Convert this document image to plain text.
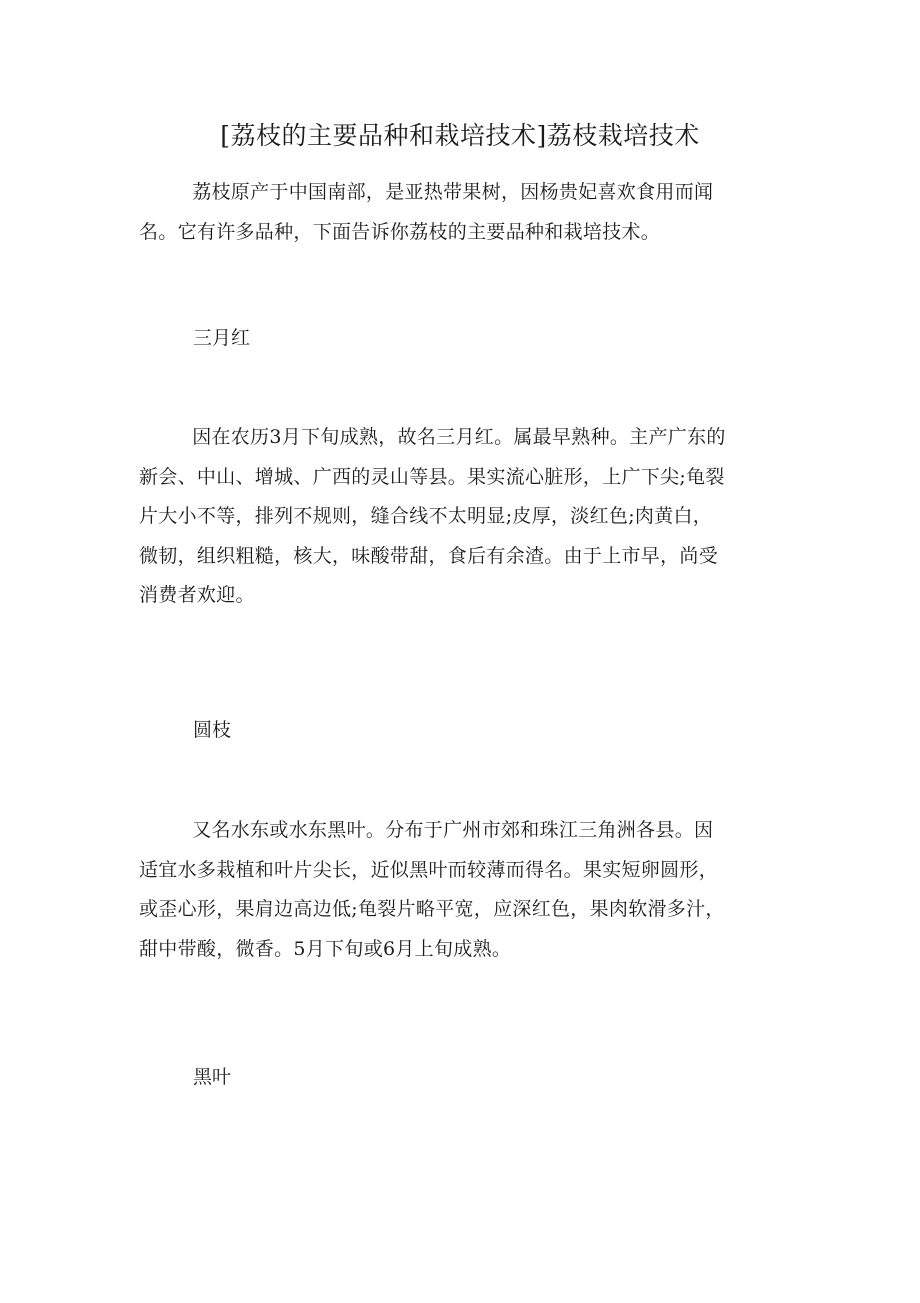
[荔枝的主要品种和栽培技术]荔枝栽培技术

荔枝原产于中国南部，是亚热带果树，因杨贵妃喜欢食用而闻名。它有许多品种，下面告诉你荔枝的主要品种和栽培技术。

三月红

因在农历3月下旬成熟，故名三月红。属最早熟种。主产广东的新会、中山、增城、广西的灵山等县。果实流心脏形，上广下尖;龟裂片大小不等，排列不规则，缝合线不太明显;皮厚，淡红色;肉黄白，微韧，组织粗糙，核大，味酸带甜，食后有余渣。由于上市早，尚受消费者欢迎。

圆枝

又名水东或水东黑叶。分布于广州市郊和珠江三角洲各县。因适宜水多栽植和叶片尖长，近似黑叶而较薄而得名。果实短卵圆形，或歪心形，果肩边高边低;龟裂片略平宽，应深红色，果肉软滑多汁，甜中带酸，微香。5月下旬或6月上旬成熟。

黑叶
